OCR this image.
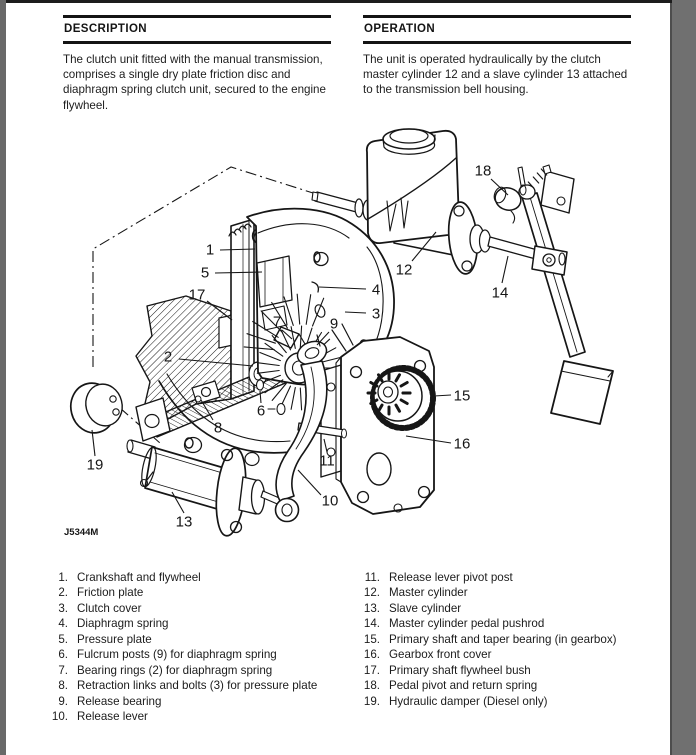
DESCRIPTION

The clutch unit fitted with the manual transmission, comprises a single dry plate friction disc and diaphragm spring clutch unit, secured to the engine flywheel.

OPERATION

The unit is operated hydraulically by the clutch master cylinder 12 and a slave cylinder 13 attached to the transmission bell housing.

J5344M
1
5
17
2
4
3
9
7
6
8
19
13
10
11
15
16
12
14
18
1. Crankshaft and flywheel
2. Friction plate
3. Clutch cover
4. Diaphragm spring
5. Pressure plate
6. Fulcrum posts (9) for diaphragm spring
7. Bearing rings (2) for diaphragm spring
8. Retraction links and bolts (3) for pressure plate
9. Release bearing
10. Release lever
11. Release lever pivot post
12. Master cylinder
13. Slave cylinder
14. Master cylinder pedal pushrod
15. Primary shaft and taper bearing (in gearbox)
16. Gearbox front cover
17. Primary shaft flywheel bush
18. Pedal pivot and return spring
19. Hydraulic damper (Diesel only)
